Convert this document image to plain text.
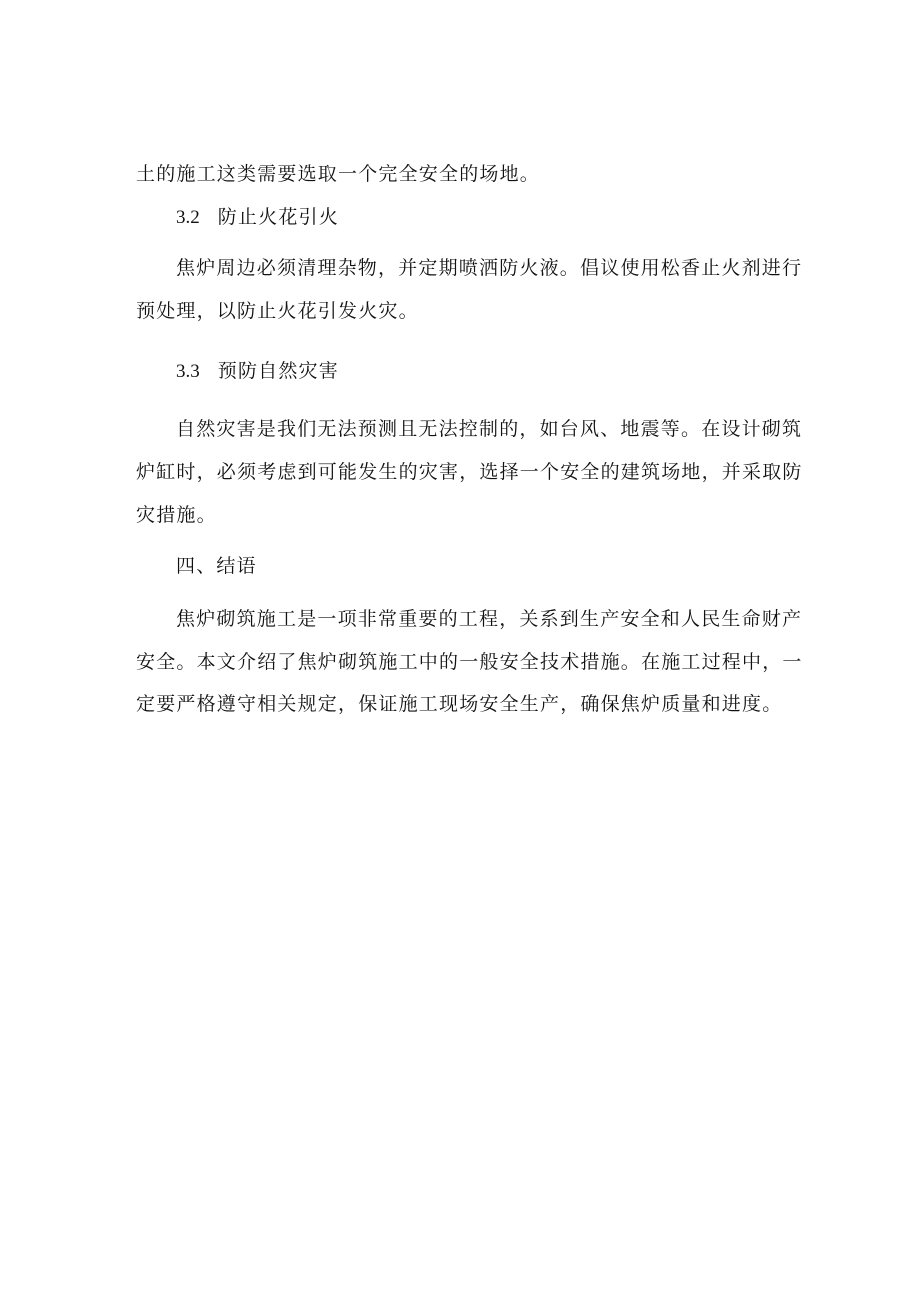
土的施工这类需要选取一个完全安全的场地。
3.2 防止火花引火
焦炉周边必须清理杂物，并定期喷洒防火液。倡议使用松香止火剂进行
预处理，以防止火花引发火灾。
3.3 预防自然灾害
自然灾害是我们无法预测且无法控制的，如台风、地震等。在设计砌筑
炉缸时，必须考虑到可能发生的灾害，选择一个安全的建筑场地，并采取防
灾措施。
四、结语
焦炉砌筑施工是一项非常重要的工程，关系到生产安全和人民生命财产
安全。本文介绍了焦炉砌筑施工中的一般安全技术措施。在施工过程中，一
定要严格遵守相关规定，保证施工现场安全生产，确保焦炉质量和进度。
